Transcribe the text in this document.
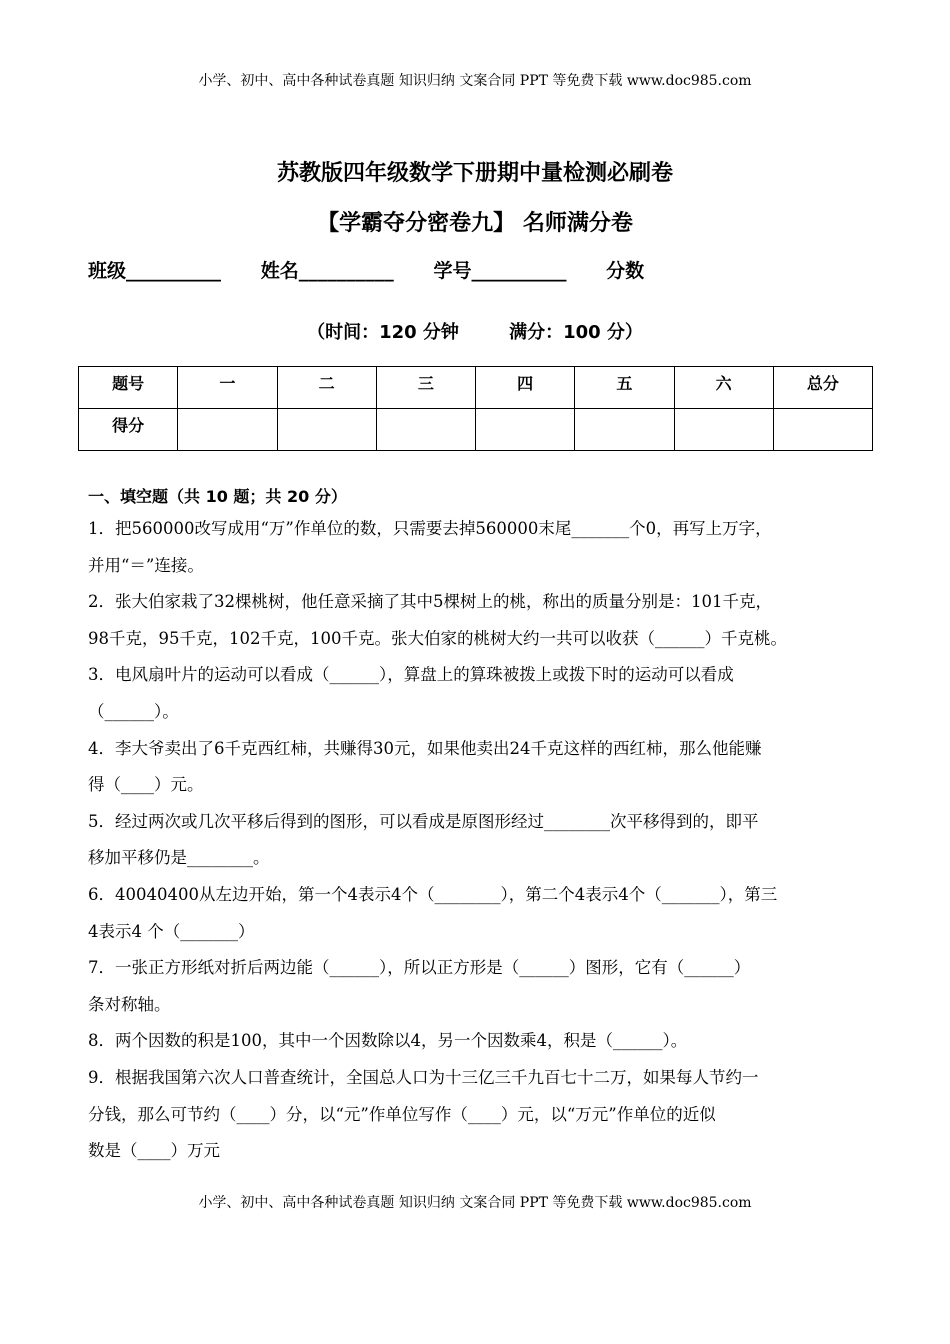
小学、初中、高中各种试卷真题 知识归纳 文案合同 PPT 等免费下载 www.doc985.com
苏教版四年级数学下册期中量检测必刷卷
【学霸夺分密卷九】 名师满分卷
班级__________ 姓名__________ 学号__________ 分数
（时间：120 分钟        满分：100 分）
题号	一	二	三	四	五	六	总分
得分							
一、填空题（共 10 题；共 20 分）
1．把560000改写成用“万”作单位的数，只需要去掉560000末尾_______个0，再写上万字，
并用“＝”连接。
2．张大伯家栽了32棵桃树，他任意采摘了其中5棵树上的桃，称出的质量分别是：101千克，
98千克，95千克，102千克，100千克。张大伯家的桃树大约一共可以收获（______）千克桃。
3．电风扇叶片的运动可以看成（______），算盘上的算珠被拨上或拨下时的运动可以看成
（______）。
4．李大爷卖出了6千克西红柿，共赚得30元，如果他卖出24千克这样的西红柿，那么他能赚
得（____）元。
5．经过两次或几次平移后得到的图形，可以看成是原图形经过________次平移得到的，即平
移加平移仍是________。
6．40040400从左边开始，第一个4表示4个（________），第二个4表示4个（_______），第三
4表示4 个（_______）
7．一张正方形纸对折后两边能（______），所以正方形是（______）图形，它有（______）
条对称轴。
8．两个因数的积是100，其中一个因数除以4，另一个因数乘4，积是（______）。
9．根据我国第六次人口普查统计，全国总人口为十三亿三千九百七十二万，如果每人节约一
分钱，那么可节约（____）分，以“元”作单位写作（____）元，以“万元”作单位的近似
数是（____）万元
小学、初中、高中各种试卷真题 知识归纳 文案合同 PPT 等免费下载 www.doc985.com
